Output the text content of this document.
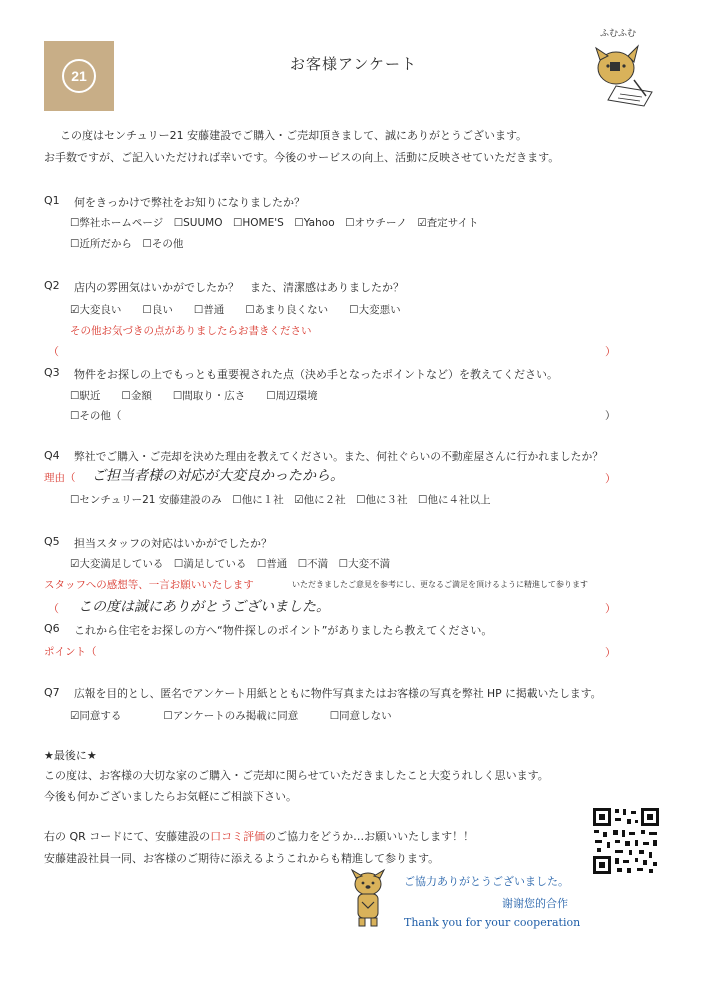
21
お客様アンケート
ふむふむ
この度はセンチュリー21 安藤建設でご購入・ご売却頂きまして、誠にありがとうございます。
お手数ですが、ご記入いただければ幸いです。今後のサービスの向上、活動に反映させていただきます。
Q1 何をきっかけで弊社をお知りになりましたか？
☐弊社ホームページ　☐SUUMO　☐HOME'S　☐Yahoo　☐オウチーノ　☑査定サイト
☐近所だから　☐その他
Q2 店内の雰囲気はいかがでしたか？　また、清潔感はありましたか？
☑大変良い　　☐良い　　☐普通　　☐あまり良くない　　☐大変悪い
その他お気づきの点がありましたらお書きください
（	）
Q3 物件をお探しの上でもっとも重要視された点（決め手となったポイントなど）を教えてください。
☐駅近　　☐金額　　☐間取り・広さ　　☐周辺環境
☐その他（	）
Q4 弊社でご購入・ご売却を決めた理由を教えてください。また、何社ぐらいの不動産屋さんに行かれましたか？
理由（ ご担当者様の対応が大変良かったから。	）
☐センチュリー21 安藤建設のみ　☐他に１社　☑他に２社　☐他に３社　☐他に４社以上
Q5 担当スタッフの対応はいかがでしたか？
☑大変満足している　☐満足している　☐普通　☐不満　☐大変不満
スタッフへの感想等、一言お願いいたします	いただきましたご意見を参考にし、更なるご満足を頂けるように精進して参ります
（ この度は誠にありがとうございました。	）
Q6 これから住宅をお探しの方へ“物件探しのポイント”がありましたら教えてください。
ポイント（	）
Q7 広報を目的とし、匿名でアンケート用紙とともに物件写真またはお客様の写真を弊社 HP に掲載いたします。
☑同意する　　　　☐アンケートのみ掲載に同意　　　☐同意しない
★最後に★
この度は、お客様の大切な家のご購入・ご売却に関らせていただきましたこと大変うれしく思います。
今後も何かございましたらお気軽にご相談下さい。
右の QR コードにて、安藤建設の口コミ評価のご協力をどうか…お願いいたします！！
安藤建設社員一同、お客様のご期待に添えるようこれからも精進して参ります。
ご協力ありがとうございました。
谢谢您的合作
Thank you for your cooperation
